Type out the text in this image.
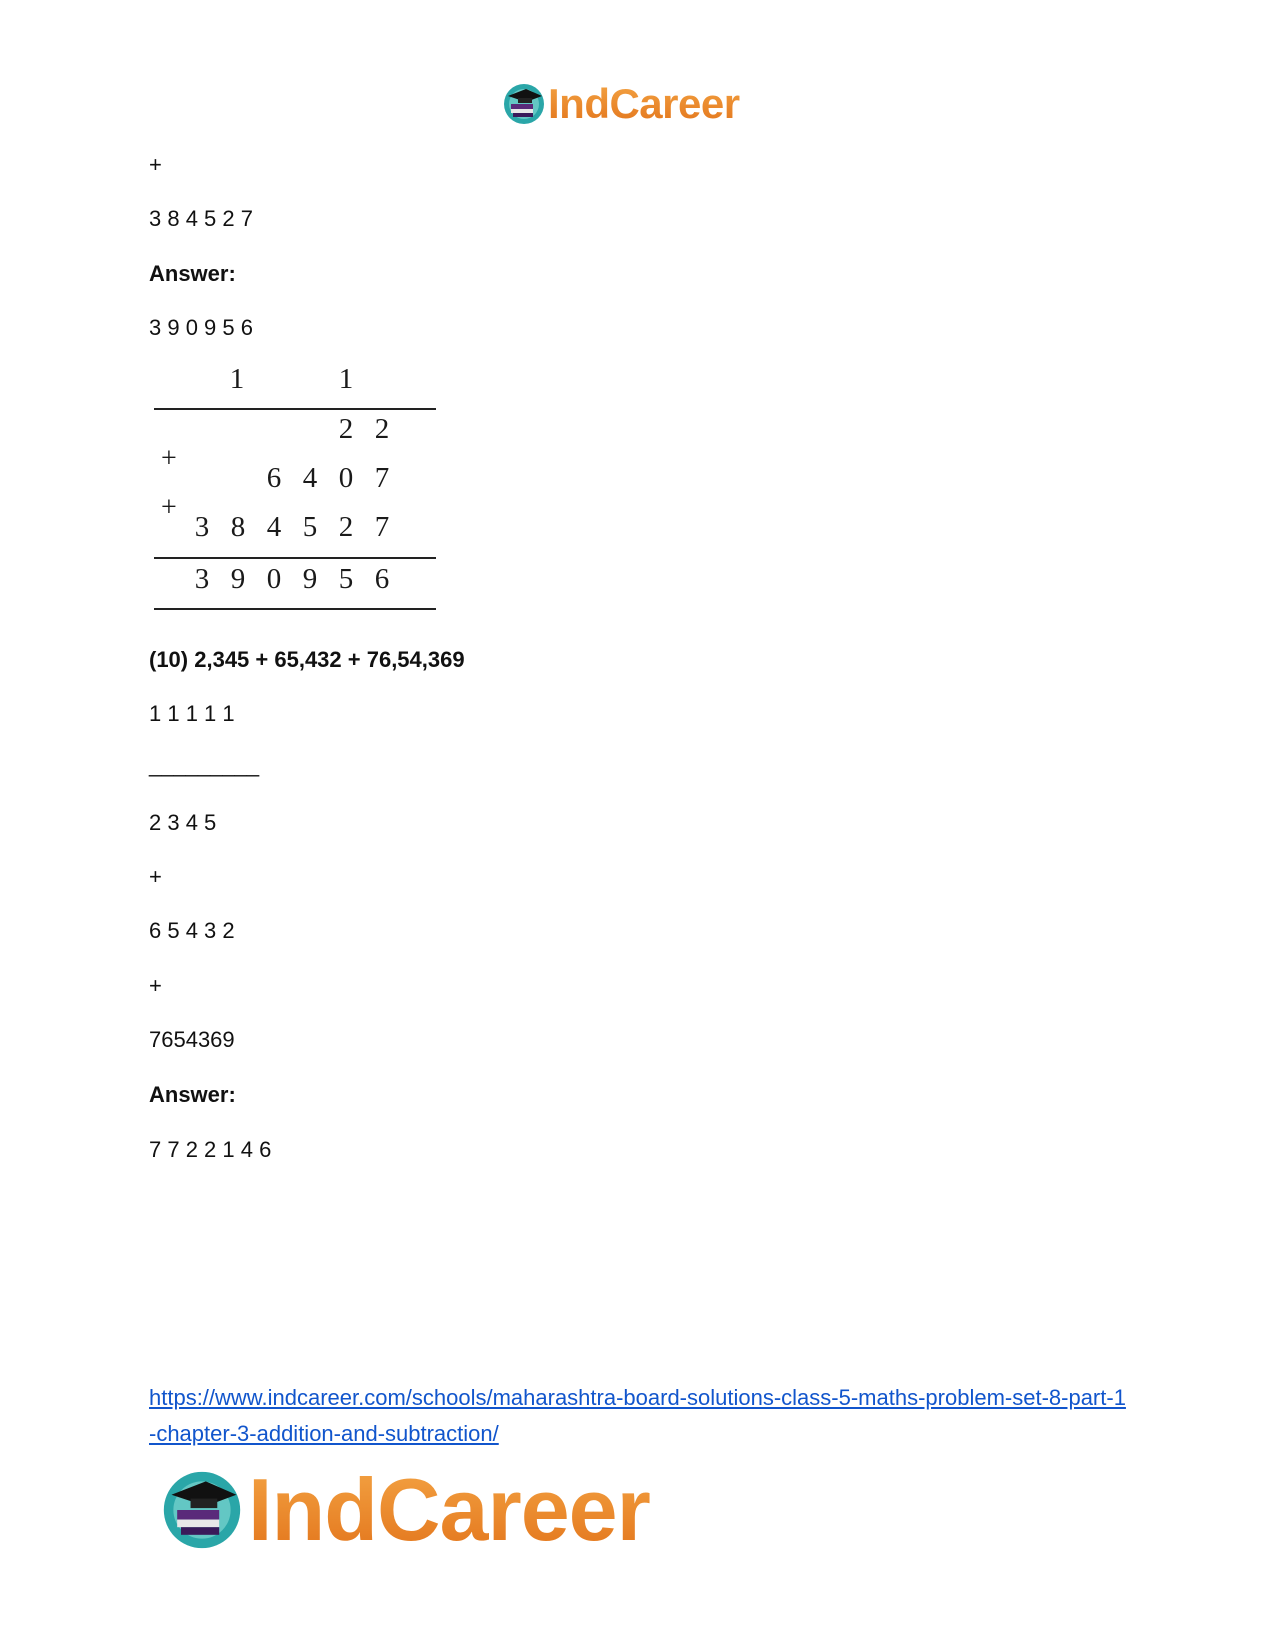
IndCareer
+
3 8 4 5 2 7
Answer:
3 9 0 9 5 6
1	1
2 2
+
6 4 0 7
+
3 8 4 5 2 7
3 9 0 9 5 6
(10) 2,345 + 65,432 + 76,54,369
1 1 1 1 1
_________
2 3 4 5
+
6 5 4 3 2
+
7654369
Answer:
7 7 2 2 1 4 6
https://www.indcareer.com/schools/maharashtra-board-solutions-class-5-maths-problem-set-8-part-1-chapter-3-addition-and-subtraction/
IndCareer
